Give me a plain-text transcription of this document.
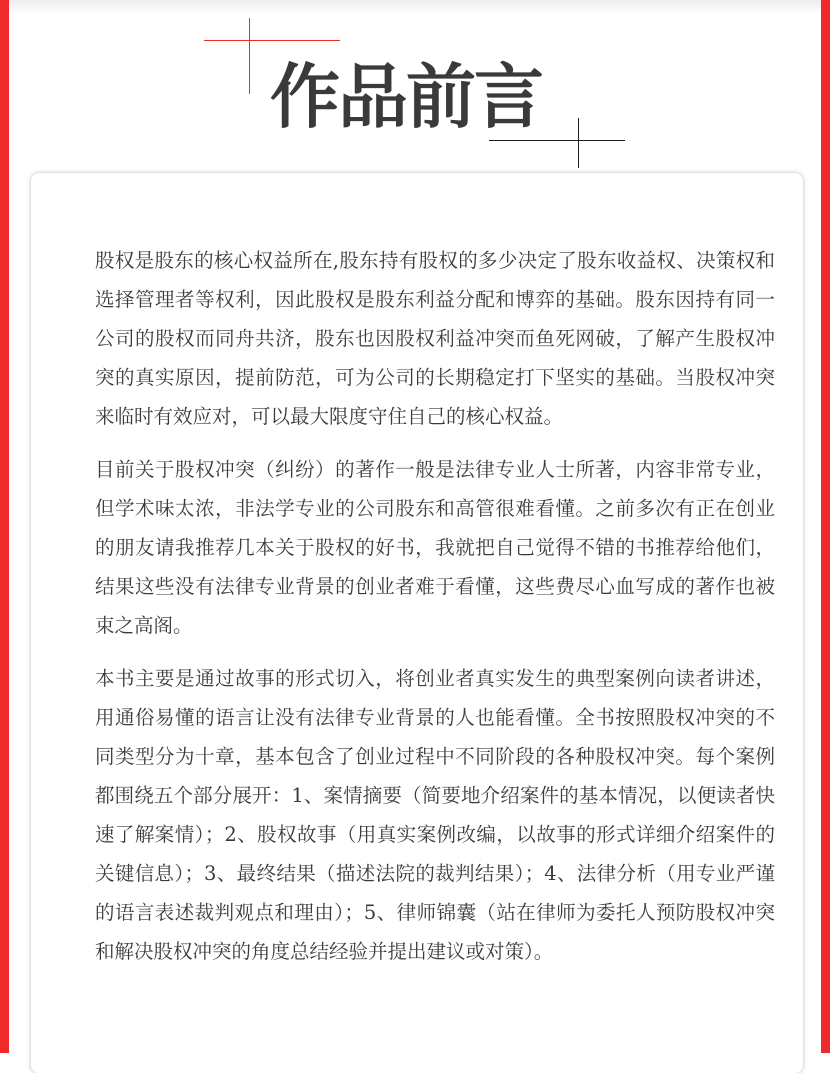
作品前言

股权是股东的核心权益所在,股东持有股权的多少决定了股东收益权、决策权和选择管理者等权利，因此股权是股东利益分配和博弈的基础。股东因持有同一公司的股权而同舟共济，股东也因股权利益冲突而鱼死网破，了解产生股权冲突的真实原因，提前防范，可为公司的长期稳定打下坚实的基础。当股权冲突来临时有效应对，可以最大限度守住自己的核心权益。

目前关于股权冲突（纠纷）的著作一般是法律专业人士所著，内容非常专业，但学术味太浓，非法学专业的公司股东和高管很难看懂。之前多次有正在创业的朋友请我推荐几本关于股权的好书，我就把自己觉得不错的书推荐给他们，结果这些没有法律专业背景的创业者难于看懂，这些费尽心血写成的著作也被束之高阁。

本书主要是通过故事的形式切入，将创业者真实发生的典型案例向读者讲述，用通俗易懂的语言让没有法律专业背景的人也能看懂。全书按照股权冲突的不同类型分为十章，基本包含了创业过程中不同阶段的各种股权冲突。每个案例都围绕五个部分展开：1、案情摘要（简要地介绍案件的基本情况，以便读者快速了解案情）；2、股权故事（用真实案例改编，以故事的形式详细介绍案件的关键信息）；3、最终结果（描述法院的裁判结果）；4、法律分析（用专业严谨的语言表述裁判观点和理由）；5、律师锦囊（站在律师为委托人预防股权冲突和解决股权冲突的角度总结经验并提出建议或对策）。
